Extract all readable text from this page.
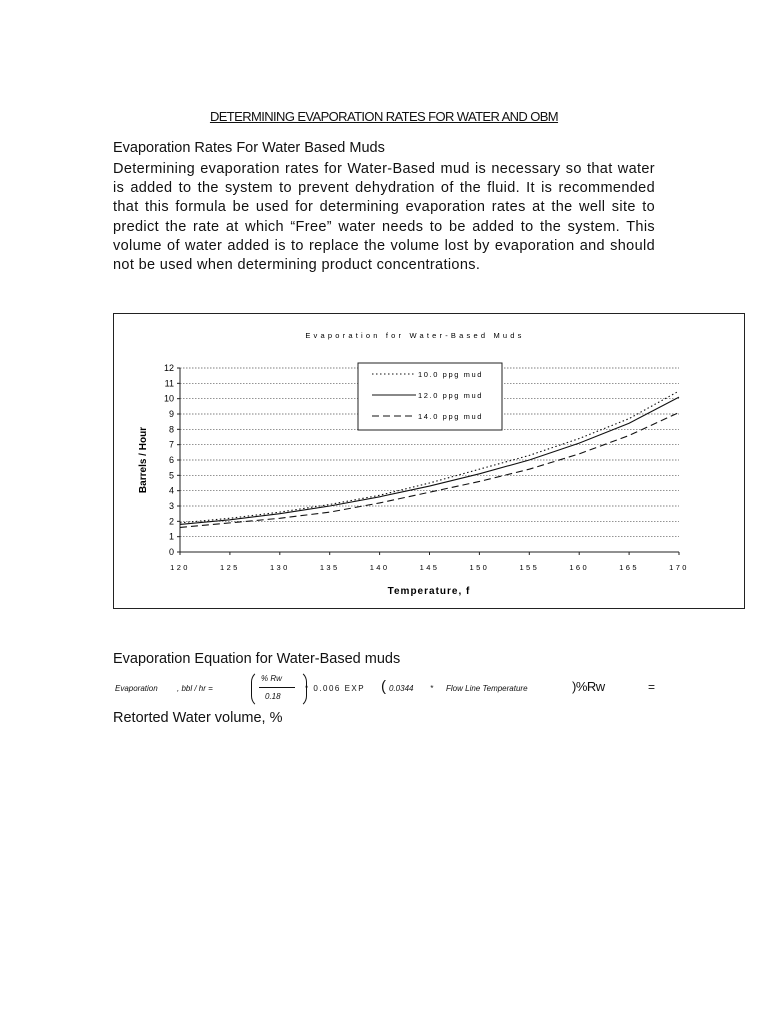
DETERMINING EVAPORATION RATES FOR WATER AND OBM
Evaporation Rates For Water Based Muds
Determining evaporation rates for Water-Based mud is necessary so that water is added to the system to prevent dehydration of the fluid. It is recommended that this formula be used for determining evaporation rates at the well site to predict the rate at which “Free” water needs to be added to the system. This volume of water added is to replace the volume lost by evaporation and should not be used when determining product concentrations.
Evaporation for Water-Based Muds
Temperature, f
Barrels / Hour
0
1
2
3
4
5
6
7
8
9
10
11
12
120	125	130	135	140	145	150	155	160	165	170
10.0 ppg mud
12.0 ppg mud
14.0 ppg mud
Evaporation Equation for Water-Based muds
Evaporation , bbl / hr =
% Rw
0.18
* 0.006 EXP ( 0.0344 * Flow Line Temperature	)%Rw	=
Retorted Water volume, %
